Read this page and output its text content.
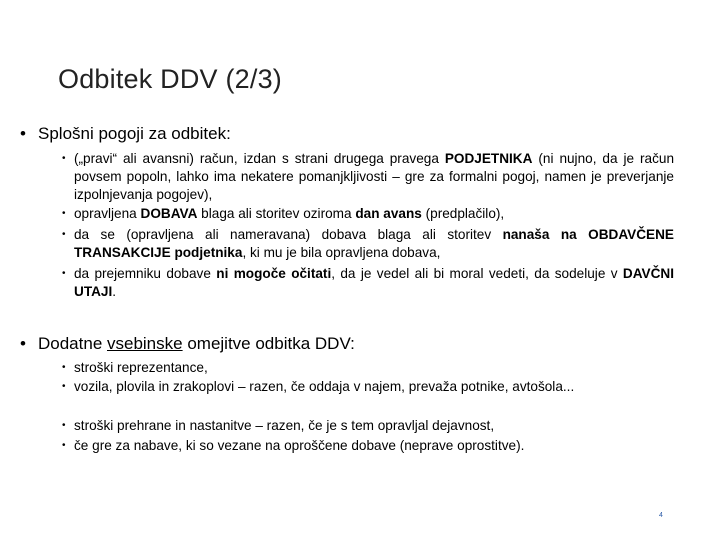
Odbitek DDV (2/3)
• Splošni pogoji za odbitek:
• („pravi“ ali avansni) račun, izdan s strani drugega pravega PODJETNIKA (ni nujno, da je račun povsem popoln, lahko ima nekatere pomanjkljivosti – gre za formalni pogoj, namen je preverjanje izpolnjevanja pogojev),
• opravljena DOBAVA blaga ali storitev oziroma dan avans (predplačilo),
• da se (opravljena ali nameravana) dobava blaga ali storitev nanaša na OBDAVČENE TRANSAKCIJE podjetnika, ki mu je bila opravljena dobava,
• da prejemniku dobave ni mogoče očitati, da je vedel ali bi moral vedeti, da sodeluje v DAVČNI UTAJI.
• Dodatne vsebinske omejitve odbitka DDV:
• stroški reprezentance,
• vozila, plovila in zrakoplovi – razen, če oddaja v najem, prevaža potnike, avtošola...
• stroški prehrane in nastanitve – razen, če je s tem opravljal dejavnost,
• če gre za nabave, ki so vezane na oproščene dobave (neprave oprostitve).
4
